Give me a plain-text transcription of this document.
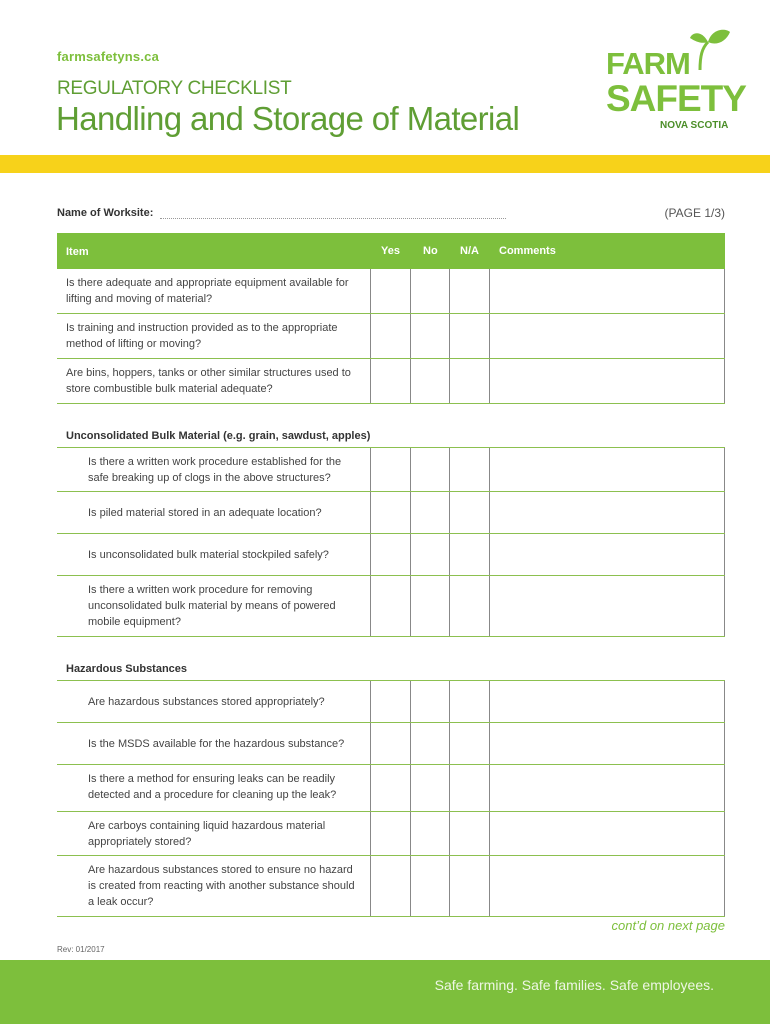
farmsafetyns.ca
REGULATORY CHECKLIST
Handling and Storage of Material
FARM
SAFETY
NOVA SCOTIA
Name of Worksite:	(PAGE 1/3)
Item	Yes No N/A Comments
Is there adequate and appropriate equipment available for lifting and moving of material?
Is training and instruction provided as to the appropriate method of lifting or moving?
Are bins, hoppers, tanks or other similar structures used to store combustible bulk material adequate?
Unconsolidated Bulk Material (e.g. grain, sawdust, apples)
Is there a written work procedure established for the safe breaking up of clogs in the above structures?
Is piled material stored in an adequate location?
Is unconsolidated bulk material stockpiled safely?
Is there a written work procedure for removing unconsolidated bulk material by means of powered mobile equipment?
Hazardous Substances
Are hazardous substances stored appropriately?
Is the MSDS available for the hazardous substance?
Is there a method for ensuring leaks can be readily detected and a procedure for cleaning up the leak?
Are carboys containing liquid hazardous material appropriately stored?
Are hazardous substances stored to ensure no hazard is created from reacting with another substance should a leak occur?
cont’d on next page
Rev: 01/2017
Safe farming. Safe families. Safe employees.
